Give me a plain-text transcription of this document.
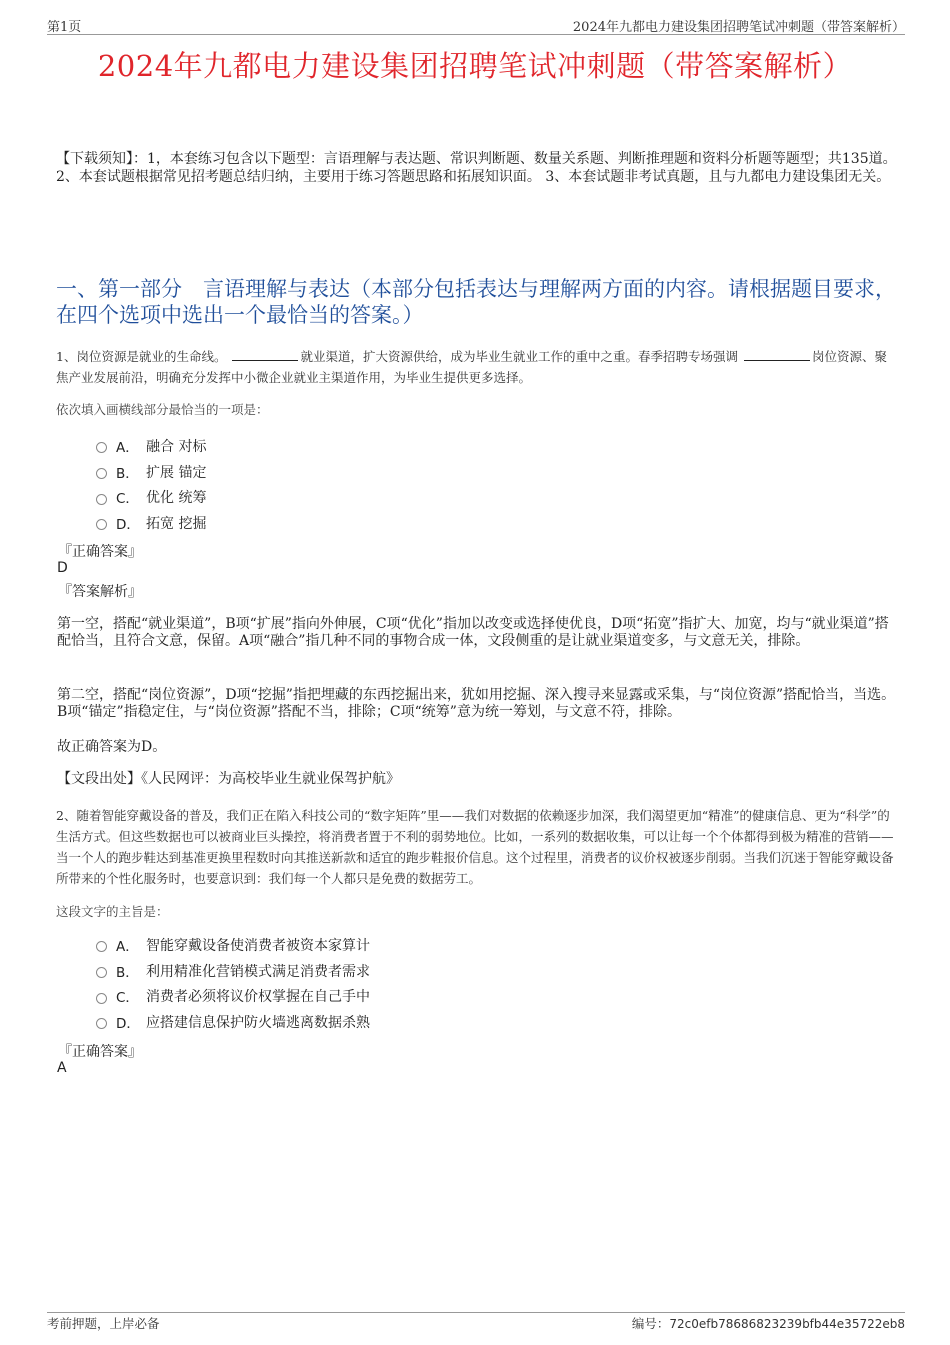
第1页	2024年九都电力建设集团招聘笔试冲刺题（带答案解析）
2024年九都电力建设集团招聘笔试冲刺题（带答案解析）
【下载须知】：1，本套练习包含以下题型：言语理解与表达题、常识判断题、数量关系题、判断推理题和资料分析题等题型；共135道。 2、本套试题根据常见招考题总结归纳，主要用于练习答题思路和拓展知识面。 3、本套试题非考试真题，且与九都电力建设集团无关。
一、第一部分　言语理解与表达（本部分包括表达与理解两方面的内容。请根据题目要求，在四个选项中选出一个最恰当的答案。）
1、岗位资源是就业的生命线。	就业渠道，扩大资源供给，成为毕业生就业工作的重中之重。春季招聘专场强调	岗位资源、聚焦产业发展前沿，明确充分发挥中小微企业就业主渠道作用，为毕业生提供更多选择。
依次填入画横线部分最恰当的一项是：
A． 融合 对标
B． 扩展 锚定
C． 优化 统筹
D． 拓宽 挖掘
『正确答案』
D
『答案解析』
第一空，搭配“就业渠道”，B项“扩展”指向外伸展，C项“优化”指加以改变或选择使优良，D项“拓宽”指扩大、加宽，均与“就业渠道”搭配恰当，且符合文意，保留。A项“融合”指几种不同的事物合成一体，文段侧重的是让就业渠道变多，与文意无关，排除。
第二空，搭配“岗位资源”，D项“挖掘”指把埋藏的东西挖掘出来，犹如用挖掘、深入搜寻来显露或采集，与“岗位资源”搭配恰当，当选。B项“锚定”指稳定住，与“岗位资源”搭配不当，排除；C项“统筹”意为统一筹划，与文意不符，排除。
故正确答案为D。
【文段出处】《人民网评：为高校毕业生就业保驾护航》
2、随着智能穿戴设备的普及，我们正在陷入科技公司的“数字矩阵”里——我们对数据的依赖逐步加深，我们渴望更加“精准”的健康信息、更为“科学”的生活方式。但这些数据也可以被商业巨头操控，将消费者置于不利的弱势地位。比如，一系列的数据收集，可以让每一个个体都得到极为精准的营销——当一个人的跑步鞋达到基准更换里程数时向其推送新款和适宜的跑步鞋报价信息。这个过程里，消费者的议价权被逐步削弱。当我们沉迷于智能穿戴设备所带来的个性化服务时，也要意识到：我们每一个人都只是免费的数据劳工。
这段文字的主旨是：
A． 智能穿戴设备使消费者被资本家算计
B． 利用精准化营销模式满足消费者需求
C． 消费者必须将议价权掌握在自己手中
D． 应搭建信息保护防火墙逃离数据杀熟
『正确答案』
A
考前押题，上岸必备	编号：72c0efb78686823239bfb44e35722eb8
